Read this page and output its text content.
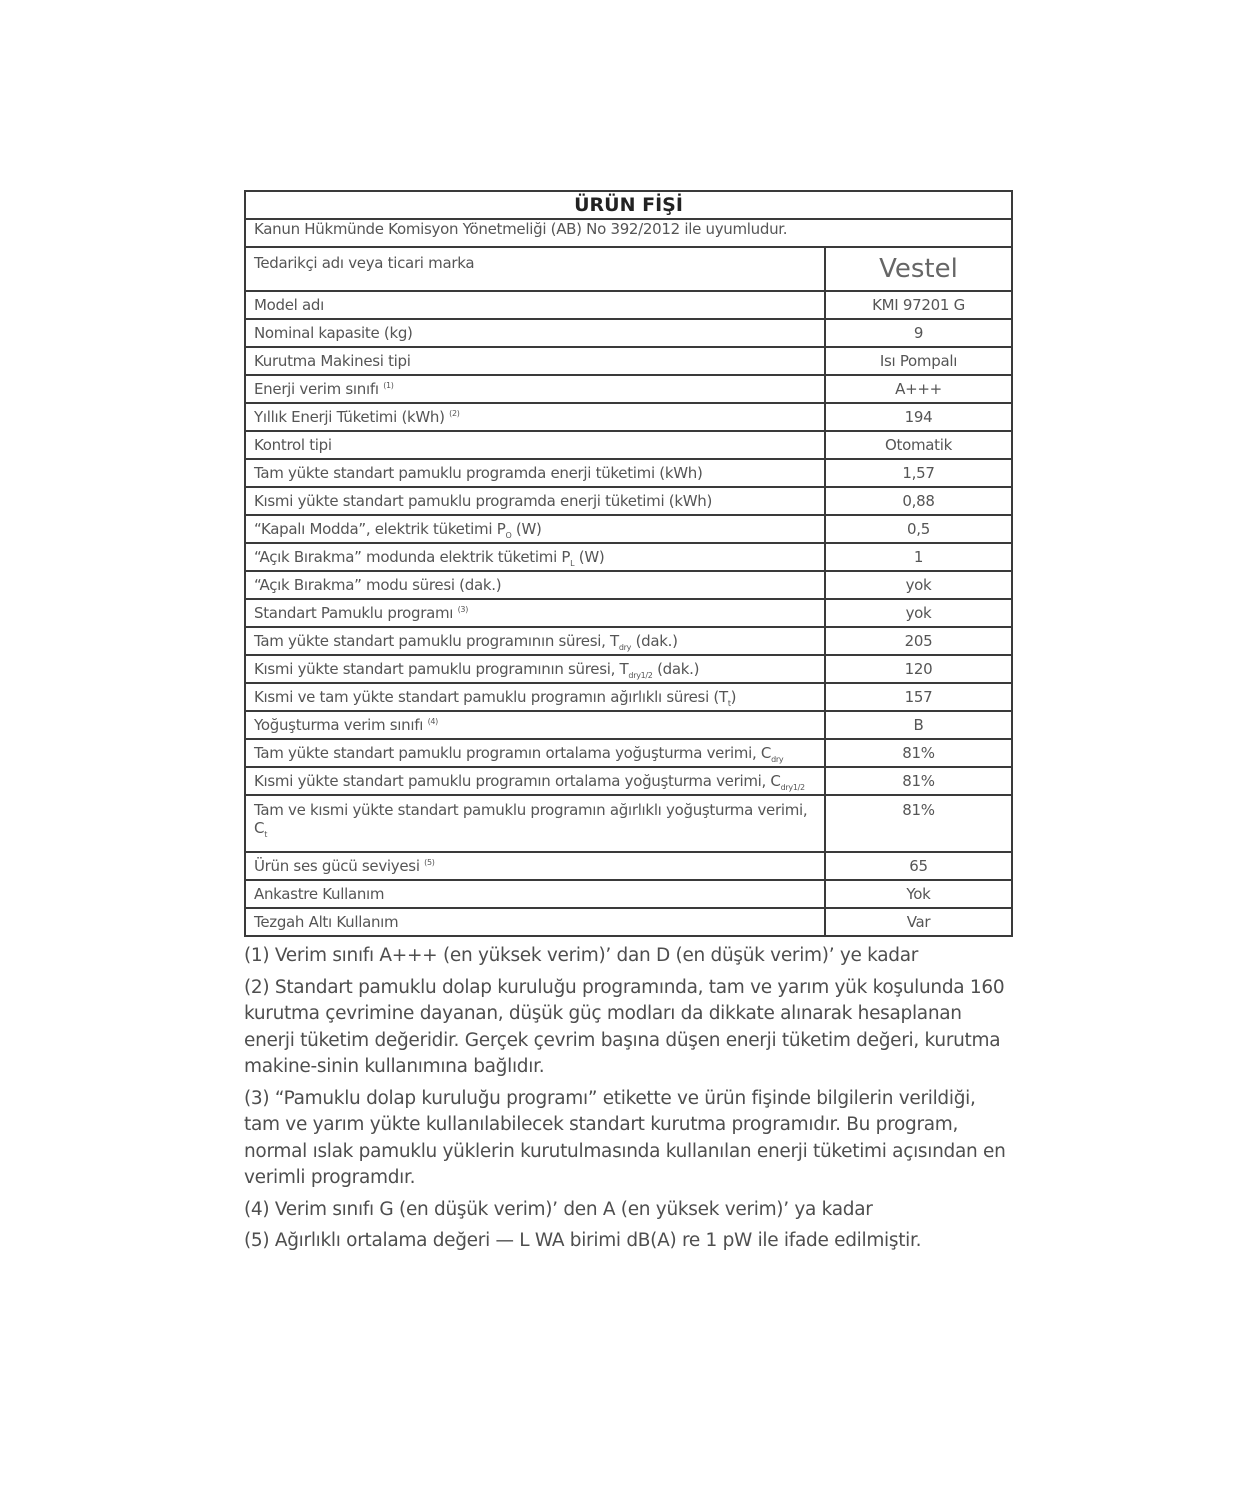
ÜRÜN FİŞİ	
Kanun Hükmünde Komisyon Yönetmeliği (AB) No 392/2012 ile uyumludur.	
Tedarikçi adı veya ticari marka	Vestel
Model adı	KMI 97201 G
Nominal kapasite (kg)	9
Kurutma Makinesi tipi	Isı Pompalı
Enerji verim sınıfı $^{(1)}$	A+++
Yıllık Enerji Tüketimi (kWh) $^{(2)}$	194
Kontrol tipi	Otomatik
Tam yükte standart pamuklu programda enerji tüketimi (kWh)	1,57
Kısmi yükte standart pamuklu programda enerji tüketimi (kWh)	0,88
“Kapalı Modda”, elektrik tüketimi $P_O$ (W)	0,5
“Açık Bırakma” modunda elektrik tüketimi $P_L$ (W)	1
“Açık Bırakma” modu süresi (dak.)	yok
Standart Pamuklu programı $^{(3)}$	yok
Tam yükte standart pamuklu programının süresi, $T_{dry}$ (dak.)	205
Kısmi yükte standart pamuklu programının süresi, $T_{dry1/2}$ (dak.)	120
Kısmi ve tam yükte standart pamuklu programın ağırlıklı süresi $(T_t)$	157
Yoğuşturma verim sınıfı $^{(4)}$	B
Tam yükte standart pamuklu programın ortalama yoğuşturma verimi, $C_{dry}$	81%
Kısmi yükte standart pamuklu programın ortalama yoğuşturma verimi, $C_{dry1/2}$	81%
Tam ve kısmi yükte standart pamuklu programın ağırlıklı yoğuşturma verimi, $C_t$	81%
Ürün ses gücü seviyesi $^{(5)}$	65
Ankastre Kullanım	Yok
Tezgah Altı Kullanım	Var

(1) Verim sınıfı A+++ (en yüksek verim)’ dan D (en düşük verim)’ ye kadar

(2) Standart pamuklu dolap kuruluğu programında, tam ve yarım yük koşulunda 160 kurutma çevrimine dayanan, düşük güç modları da dikkate alınarak hesaplanan enerji tüketim değeridir. Gerçek çevrim başına düşen enerji tüketim değeri, kurutma makine-sinin kullanımına bağlıdır.

(3) “Pamuklu dolap kuruluğu programı” etikette ve ürün fişinde bilgilerin verildiği, tam ve yarım yükte kullanılabilecek standart kurutma programıdır. Bu program, normal ıslak pamuklu yüklerin kurutulmasında kullanılan enerji tüketimi açısından en verimli programdır.

(4) Verim sınıfı G (en düşük verim)’ den A (en yüksek verim)’ ya kadar

(5) Ağırlıklı ortalama değeri — L WA birimi dB(A) re 1 pW ile ifade edilmiştir.
